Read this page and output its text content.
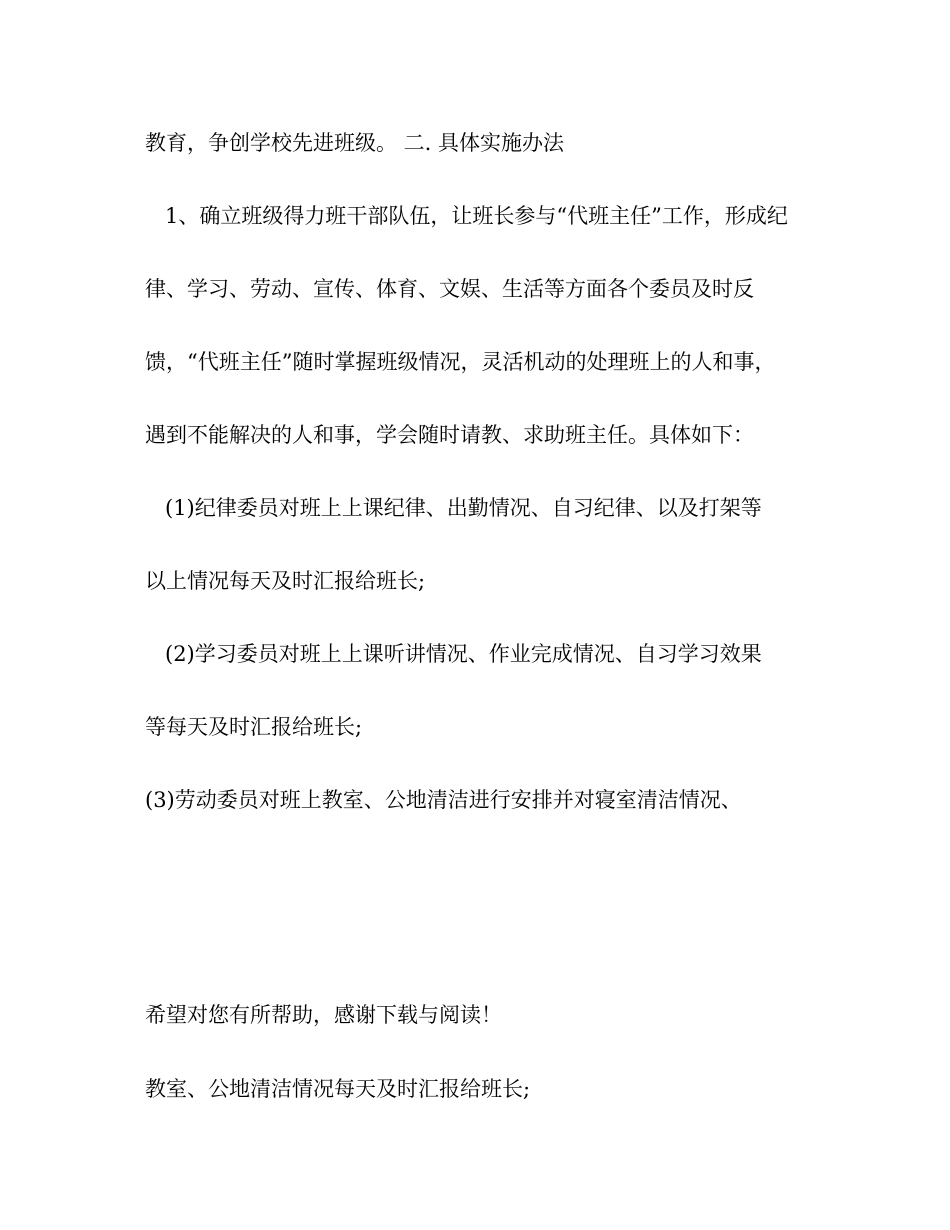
教育，争创学校先进班级。 二. 具体实施办法
1、确立班级得力班干部队伍，让班长参与“代班主任”工作，形成纪
律、学习、劳动、宣传、体育、文娱、生活等方面各个委员及时反
馈，“代班主任”随时掌握班级情况，灵活机动的处理班上的人和事，
遇到不能解决的人和事，学会随时请教、求助班主任。具体如下：
(1)纪律委员对班上上课纪律、出勤情况、自习纪律、以及打架等
以上情况每天及时汇报给班长;
(2)学习委员对班上上课听讲情况、作业完成情况、自习学习效果
等每天及时汇报给班长;
(3)劳动委员对班上教室、公地清洁进行安排并对寝室清洁情况、
希望对您有所帮助，感谢下载与阅读！
教室、公地清洁情况每天及时汇报给班长;
